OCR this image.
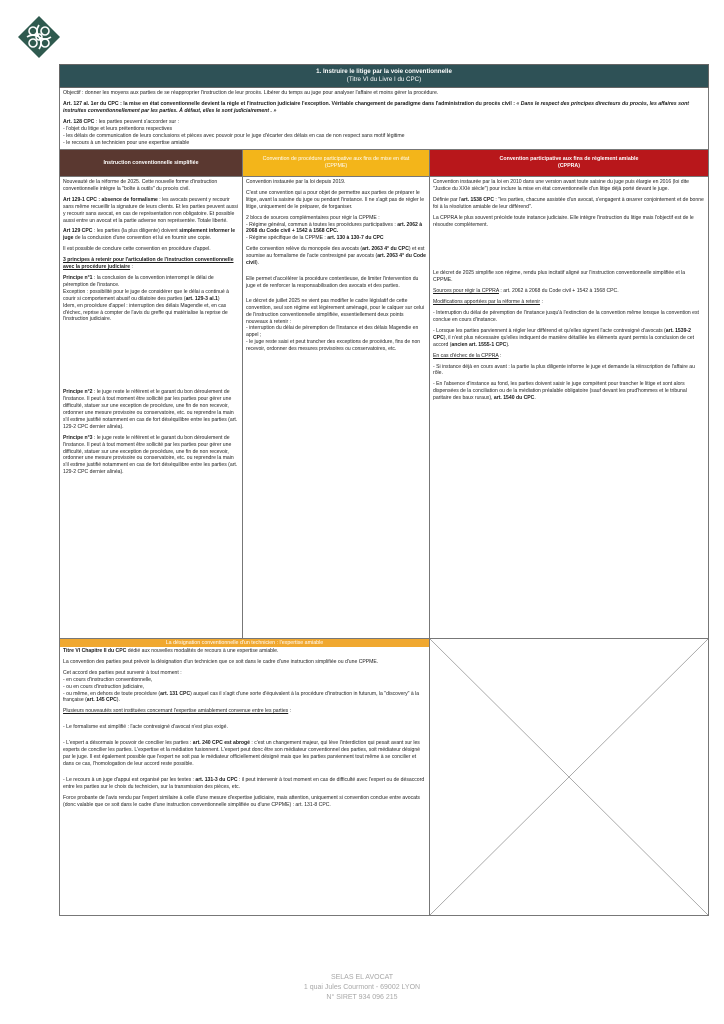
1. Instruire le litige par la voie conventionnelle
(Titre VI du Livre I du CPC)

Objectif : donner les moyens aux parties de se réapproprier l'instruction de leur procès. Libérer du temps au juge pour analyser l'affaire et moins gérer la procédure.

Art. 127 al. 1er du CPC : la mise en état conventionnelle devient la règle et l'instruction judiciaire l'exception. Véritable changement de paradigme dans l'administration du procès civil : « Dans le respect des principes directeurs du procès, les affaires sont instruites conventionnellement par les parties. À défaut, elles le sont judiciairement . »

Art. 128 CPC : les parties peuvent s'accorder sur :
- l'objet du litige et leurs prétentions respectives
- les délais de communication de leurs conclusions et pièces avec pouvoir pour le juge d'écarter des délais en cas de non respect sans motif légitime
- le recours à un technicien pour une expertise amiable

Instruction conventionnelle simplifiée
Convention de procédure participative aux fins de mise en état
(CPPME)
Convention participative aux fins de règlement amiable
(CPPRA)

Nouveauté de la réforme de 2025. Cette nouvelle forme d'instruction conventionnelle intègre la "boîte à outils" du procès civil.

Art 129-1 CPC : absence de formalisme : les avocats peuvent y recourir sans même recueillir la signature de leurs clients. Et les parties peuvent aussi y recourir sans avocat, en cas de représentation non obligatoire. Et possible aussi entre un avocat et la partie adverse non représentée. Totale liberté.

Art 129 CPC : les parties (la plus diligente) doivent simplement informer le juge de la conclusion d'une convention et lui en fournir une copie.

Il est possible de conclure cette convention en procédure d'appel.

3 principes à retenir pour l'articulation de l'instruction conventionnelle avec la procédure judiciaire :

Principe n°1 : la conclusion de la convention interrompt le délai de péremption de l'instance.
Exception : possibilité pour le juge de considérer que le délai a continué à courir si comportement abusif ou dilatoire des parties (art. 129-3 al.1)
Idem, en procédure d'appel : interruption des délais Magendie et, en cas d'échec, reprise à compter de l'avis du greffe qui matérialise la reprise de l'instruction judiciaire.

Principe n°2 : le juge reste le référent et le garant du bon déroulement de l'instance. Il peut à tout moment être sollicité par les parties pour gérer une difficulté, statuer sur une exception de procédure, une fin de non recevoir, ordonner une mesure provisoire ou conservatoire, etc. ou reprendre la main s'il estime justifié notamment en cas de fort déséquilibre entre les parties (art. 129-2 CPC dernier alinéa).

Principe n°3 : le juge reste le référent et le garant du bon déroulement de l'instance. Il peut à tout moment être sollicité par les parties pour gérer une difficulté, statuer sur une exception de procédure, une fin de non recevoir, ordonner une mesure provisoire ou conservatoire, etc. ou reprendre la main s'il estime justifié notamment en cas de fort déséquilibre entre les parties (art. 129-2 CPC dernier alinéa).

Convention instaurée par la loi depuis 2019.

C'est une convention qui a pour objet de permettre aux parties de préparer le litige, avant la saisine du juge ou pendant l'instance. Il ne s'agit pas de régler le litige, uniquement de le préparer, de forganiser.

2 blocs de sources complémentaires pour régir la CPPME :
- Régime général, commun à toutes les procédures participatives : art. 2062 à 2068 du Code civil + 1542 à 1568 CPC.
- Régime spécifique de la CPPME : art. 130 à 130-7 du CPC

Cette convention relève du monopole des avocats (art. 2063 4° du CPC) et est soumise au formalisme de l'acte contresigné par avocats (art. 2063 4° du Code civil).

Elle permet d'accélérer la procédure contentieuse, de limiter l'intervention du juge et de renforcer la responsabilisation des avocats et des parties.

Le décret de juillet 2025 ne vient pas modifier le cadre législatif de cette convention, seul son régime est légèrement aménagé, pour le calquer sur celui de l'instruction conventionnelle simplifiée, essentiellement deux points nouveaux à retenir :
- interruption du délai de péremption de l'instance et des délais Magendie en appel ;
- le juge reste saisi et peut trancher des exceptions de procédure, fins de non recevoir, ordonner des mesures provisoires ou conservatoires, etc.

Convention instaurée par la loi en 2010 dans une version avant toute saisine du juge puis élargie en 2016 (loi dite "Justice du XXIè siècle") pour inclure la mise en état conventionnelle d'un litige déjà porté devant le juge.

Définie par l'art. 1538 CPC : "les parties, chacune assistée d'un avocat, s'engagent à œuvrer conjointement et de bonne foi à la résolution amiable de leur différend".

La CPPRA le plus souvent précède toute instance judiciaire. Elle intègre l'instruction du litige mais l'objectif est de le résoudre complètement.

Le décret de 2025 simplifie son régime, rendu plus incitatif aligné sur l'instruction conventionnelle simplifiée et la CPPME.

Sources pour régir la CPPRA : art. 2062 à 2068 du Code civil + 1542 à 1568 CPC.

Modifications apportées par la réforme à retenir :

- Interruption du délai de péremption de l'instance jusqu'à l'extinction de la convention même lorsque la convention est conclue en cours d'instance.

- Lorsque les parties parviennent à régler leur différend et qu'elles signent l'acte contresigné d'avocats (art. 1539-2 CPC), il n'est plus nécessaire qu'elles indiquent de manière détaillée les éléments ayant permis la conclusion de cet accord (ancien art. 1555-1 CPC).

En cas d'échec de la CPPRA :

- Si instance déjà en cours avant : la partie la plus diligente informe le juge et demande la réinscription de l'affaire au rôle.

- En l'absence d'instance au fond, les parties doivent saisir le juge compétent pour trancher le litige et sont alors dispensées de la conciliation ou de la médiation préalable obligatoire (sauf devant les prud'hommes et le tribunal paritaire des baux ruraux), art. 1540 du CPC.

La désignation conventionnelle d'un technicien : l'expertise amiable

Titre VI Chapitre II du CPC dédié aux nouvelles modalités de recours à une expertise amiable.

La convention des parties peut prévoir la désignation d'un technicien que ce soit dans le cadre d'une instruction simplifiée ou d'une CPPME.

Cet accord des parties peut survenir à tout moment :
- en cours d'instruction conventionnelle,
- ou en cours d'instruction judiciaire,
- ou même, en dehors de toute procédure (art. 131 CPC) auquel cas il s'agit d'une sorte d'équivalent à la procédure d'instruction in futurum, la "discovery" à la française (art. 145 CPC).

Plusieurs nouveautés sont instituées concernant l'expertise amiablement convenue entre les parties :

- Le formalisme est simplifié : l'acte contresigné d'avocat n'est plus exigé.

- L'expert a désormais le pouvoir de concilier les parties : art. 240 CPC est abrogé : c'est un changement majeur, qui lève l'interdiction qui pesait avant sur les experts de concilier les parties. L'expertise et la médiation fusionnent. L'expert peut donc être son médiateur conventionnel des parties, soit médiateur désigné par le juge. Il est également possible que l'expert ne soit pas le médiateur officiellement désigné mais que les parties parviennent tout même à se concilier et dans ce cas, l'homologation de leur accord reste possible.

- Le recours à un juge d'appui est organisé par les textes : art. 131-3 du CPC : il peut intervenir à tout moment en cas de difficulté avec l'expert ou de désaccord entre les parties sur le choix du technicien, sur la transmission des pièces, etc.

Force probante de l'avis rendu par l'expert similaire à celle d'une mesure d'expertise judiciaire, mais attention, uniquement si convention conclue entre avocats (donc valable que ce soit dans le cadre d'une instruction conventionnelle simplifiée ou d'une CPPME) : art. 131-8 CPC.

SELAS EL AVOCAT
1 quai Jules Courmont - 69002 LYON
N° SIRET 934 096 215
